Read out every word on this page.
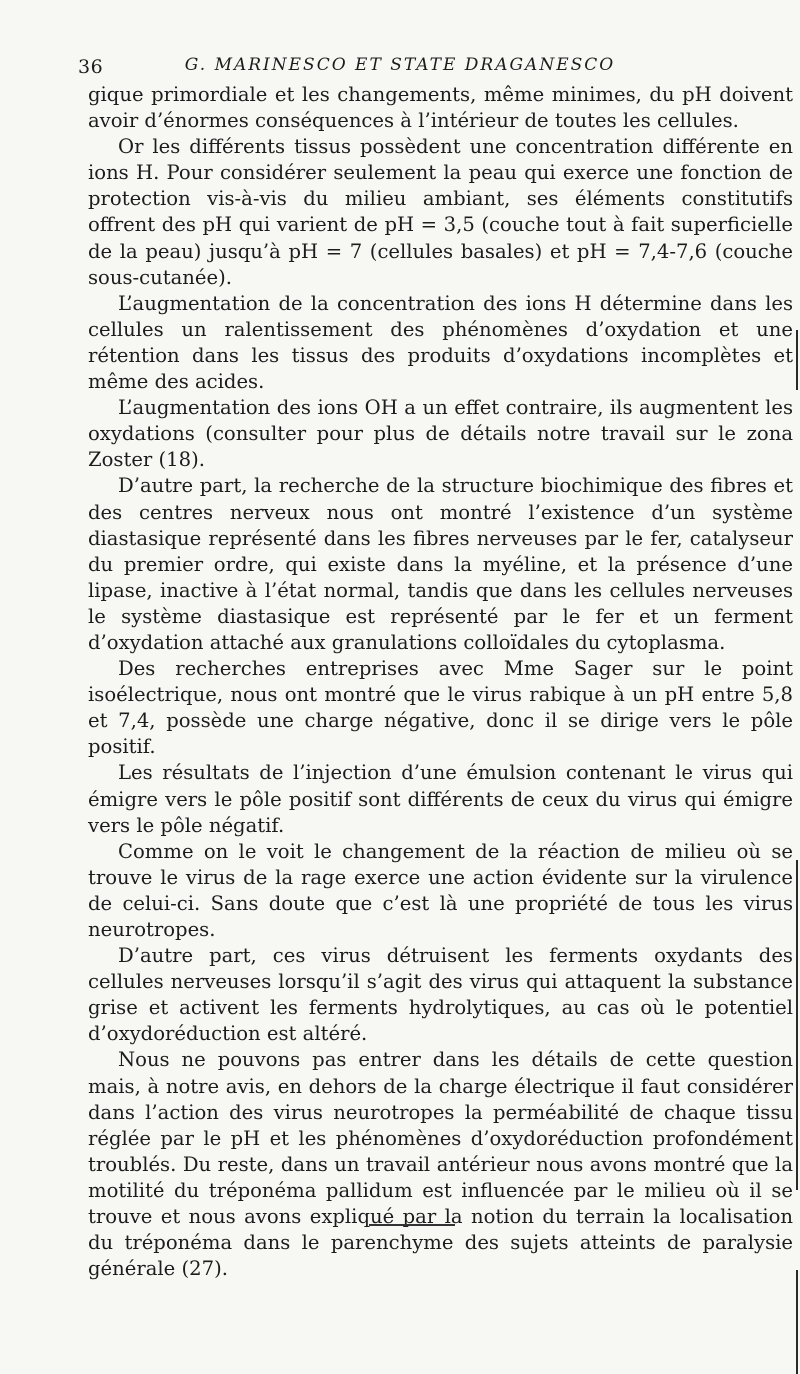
36	G. MARINESCO ET STATE DRAGANESCO

gique primordiale et les changements, même minimes, du pH doivent avoir d’énormes conséquences à l’intérieur de toutes les cellules.

Or les différents tissus possèdent une concentration différente en ions H. Pour considérer seulement la peau qui exerce une fonction de protection vis-à-vis du milieu ambiant, ses éléments constitutifs offrent des pH qui varient de pH = 3,5 (couche tout à fait superficielle de la peau) jusqu’à pH = 7 (cellules basales) et pH = 7,4-7,6 (couche sous-cutanée).

L’augmentation de la concentration des ions H détermine dans les cellules un ralentissement des phénomènes d’oxydation et une rétention dans les tissus des produits d’oxydations incomplètes et même des acides.

L’augmentation des ions OH a un effet contraire, ils augmentent les oxydations (consulter pour plus de détails notre travail sur le zona Zoster (18).

D’autre part, la recherche de la structure biochimique des fibres et des centres nerveux nous ont montré l’existence d’un système diastasique représenté dans les fibres nerveuses par le fer, catalyseur du premier ordre, qui existe dans la myéline, et la présence d’une lipase, inactive à l’état normal, tandis que dans les cellules nerveuses le système diastasique est représenté par le fer et un ferment d’oxydation attaché aux granulations colloïdales du cytoplasma.

Des recherches entreprises avec Mme Sager sur le point isoélectrique, nous ont montré que le virus rabique à un pH entre 5,8 et 7,4, possède une charge négative, donc il se dirige vers le pôle positif.

Les résultats de l’injection d’une émulsion contenant le virus qui émigre vers le pôle positif sont différents de ceux du virus qui émigre vers le pôle négatif.

Comme on le voit le changement de la réaction de milieu où se trouve le virus de la rage exerce une action évidente sur la virulence de celui-ci. Sans doute que c’est là une propriété de tous les virus neurotropes.

D’autre part, ces virus détruisent les ferments oxydants des cellules nerveuses lorsqu’il s’agit des virus qui attaquent la substance grise et activent les ferments hydrolytiques, au cas où le potentiel d’oxydoréduction est altéré.

Nous ne pouvons pas entrer dans les détails de cette question mais, à notre avis, en dehors de la charge électrique il faut considérer dans l’action des virus neurotropes la perméabilité de chaque tissu réglée par le pH et les phénomènes d’oxydoréduction profondément troublés. Du reste, dans un travail antérieur nous avons montré que la motilité du tréponéma pallidum est influencée par le milieu où il se trouve et nous avons expliqué par la notion du terrain la localisation du tréponéma dans le parenchyme des sujets atteints de paralysie générale (27).
